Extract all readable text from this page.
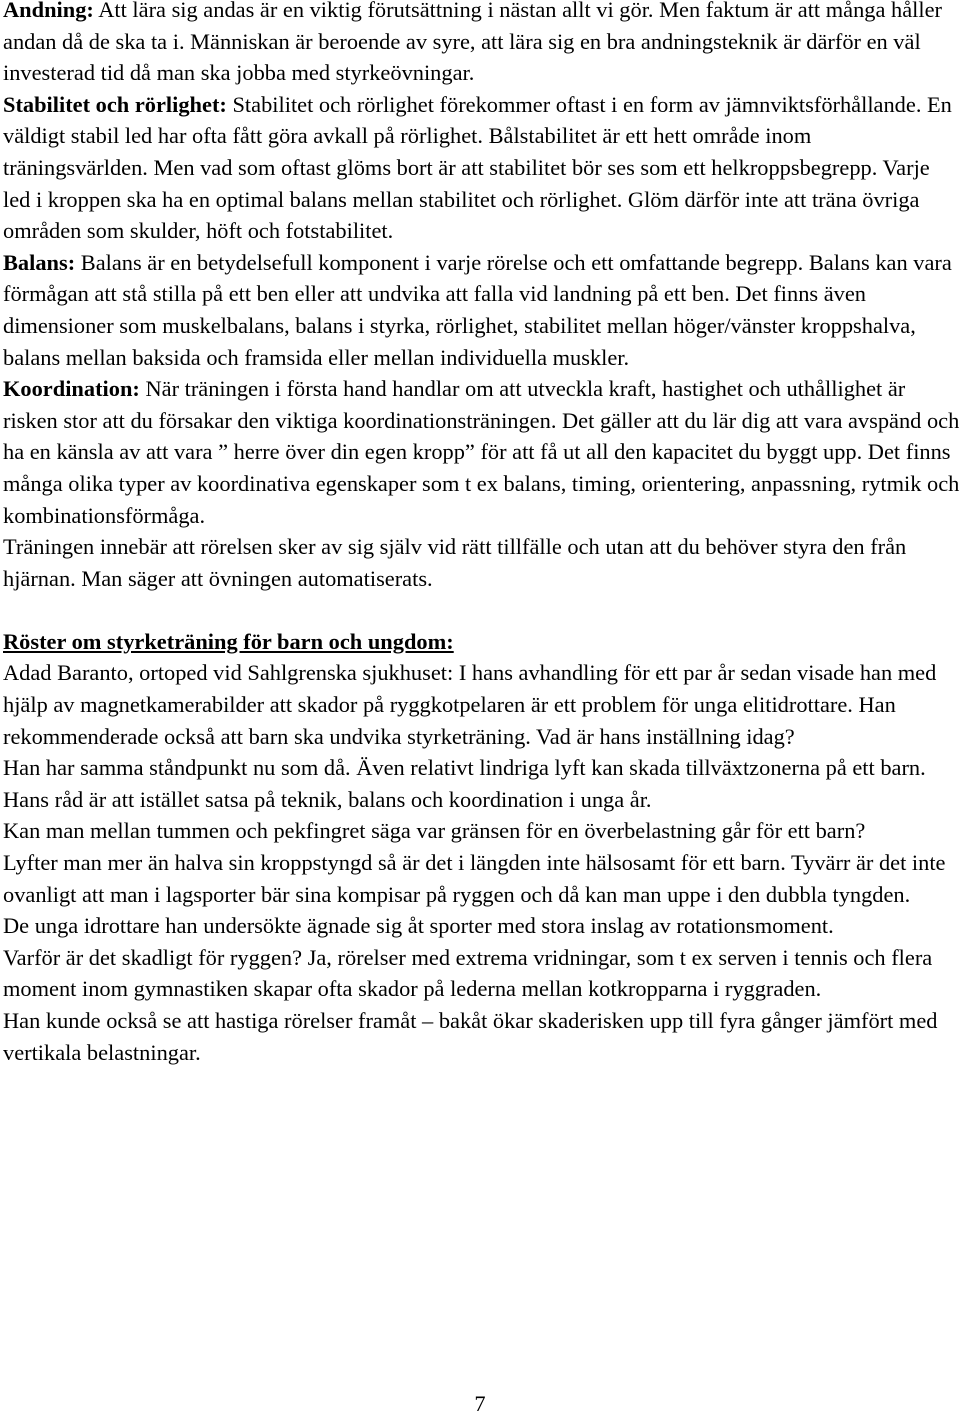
Andning: Att lära sig andas är en viktig förutsättning i nästan allt vi gör. Men faktum är att många håller andan då de ska ta i. Människan är beroende av syre, att lära sig en bra andningsteknik är därför en väl investerad tid då man ska jobba med styrkeövningar.

Stabilitet och rörlighet: Stabilitet och rörlighet förekommer oftast i en form av jämnviktsförhållande. En väldigt stabil led har ofta fått göra avkall på rörlighet. Bålstabilitet är ett hett område inom träningsvärlden. Men vad som oftast glöms bort är att stabilitet bör ses som ett helkroppsbegrepp. Varje led i kroppen ska ha en optimal balans mellan stabilitet och rörlighet. Glöm därför inte att träna övriga områden som skulder, höft och fotstabilitet.

Balans: Balans är en betydelsefull komponent i varje rörelse och ett omfattande begrepp. Balans kan vara förmågan att stå stilla på ett ben eller att undvika att falla vid landning på ett ben. Det finns även dimensioner som muskelbalans, balans i styrka, rörlighet, stabilitet mellan höger/vänster kroppshalva, balans mellan baksida och framsida eller mellan individuella muskler.

Koordination: När träningen i första hand handlar om att utveckla kraft, hastighet och uthållighet är risken stor att du försakar den viktiga koordinationsträningen. Det gäller att du lär dig att vara avspänd och ha en känsla av att vara ” herre över din egen kropp” för att få ut all den kapacitet du byggt upp. Det finns många olika typer av koordinativa egenskaper som t ex balans, timing, orientering, anpassning, rytmik och kombinationsförmåga.

Träningen innebär att rörelsen sker av sig själv vid rätt tillfälle och utan att du behöver styra den från hjärnan. Man säger att övningen automatiserats.

Röster om styrketräning för barn och ungdom:

Adad Baranto, ortoped vid Sahlgrenska sjukhuset: I hans avhandling för ett par år sedan visade han med hjälp av magnetkamerabilder att skador på ryggkotpelaren är ett problem för unga elitidrottare. Han rekommenderade också att barn ska undvika styrketräning. Vad är hans inställning idag?

Han har samma ståndpunkt nu som då. Även relativt lindriga lyft kan skada tillväxtzonerna på ett barn. Hans råd är att istället satsa på teknik, balans och koordination i unga år.

Kan man mellan tummen och pekfingret säga var gränsen för en överbelastning går för ett barn?

Lyfter man mer än halva sin kroppstyngd så är det i längden inte hälsosamt för ett barn. Tyvärr är det inte ovanligt att man i lagsporter bär sina kompisar på ryggen och då kan man uppe i den dubbla tyngden.

De unga idrottare han undersökte ägnade sig åt sporter med stora inslag av rotationsmoment.

Varför är det skadligt för ryggen? Ja, rörelser med extrema vridningar, som t ex serven i tennis och flera moment inom gymnastiken skapar ofta skador på lederna mellan kotkropparna i ryggraden.

Han kunde också se att hastiga rörelser framåt – bakåt ökar skaderisken upp till fyra gånger jämfört med vertikala belastningar.

7
